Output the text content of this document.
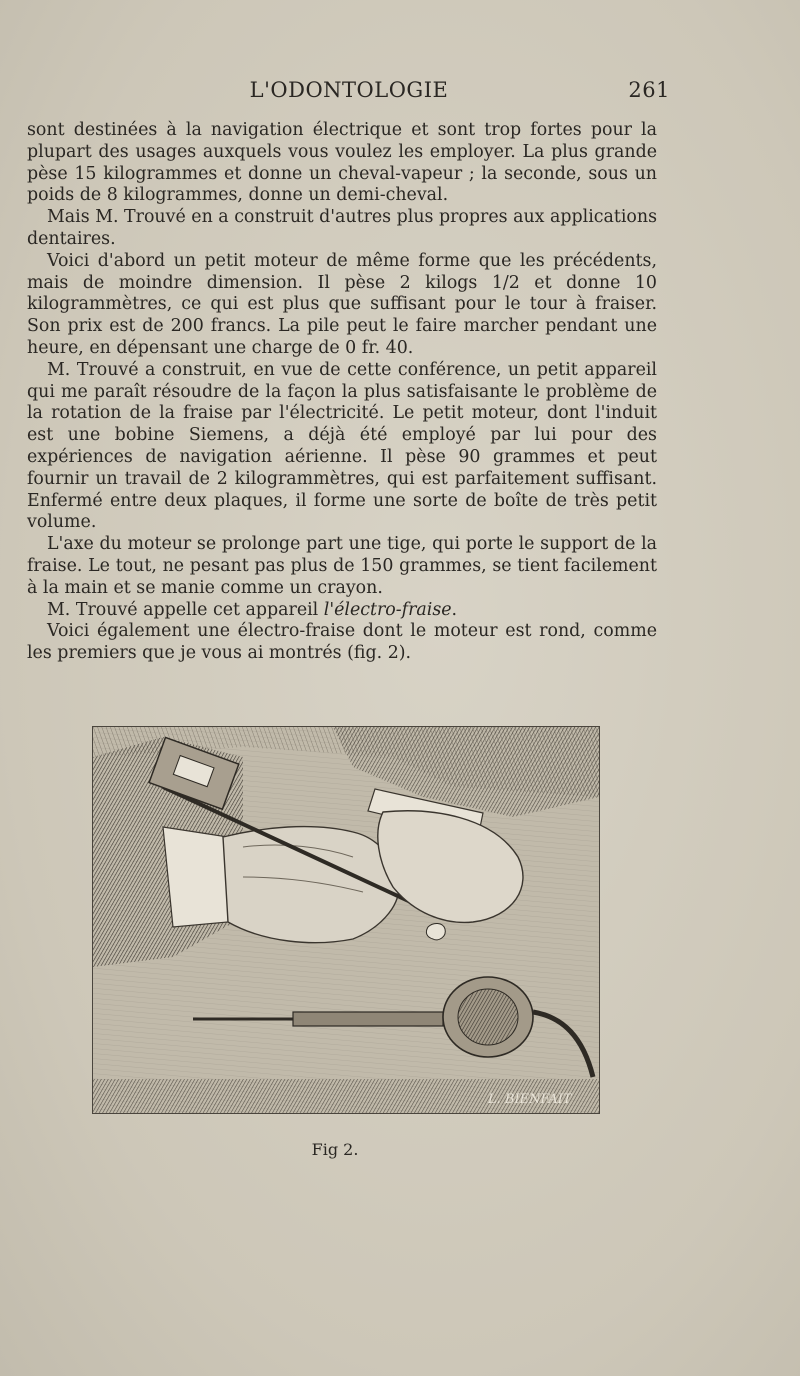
L'ODONTOLOGIE	261

sont destinées à la navigation électrique et sont trop fortes pour la plupart des usages auxquels vous voulez les employer. La plus grande pèse 15 kilogrammes et donne un cheval-vapeur ; la seconde, sous un poids de 8 kilogrammes, donne un demi-cheval.

Mais M. Trouvé en a construit d'autres plus propres aux applications dentaires.

Voici d'abord un petit moteur de même forme que les précédents, mais de moindre dimension. Il pèse 2 kilogs 1/2 et donne 10 kilogrammètres, ce qui est plus que suffisant pour le tour à fraiser. Son prix est de 200 francs. La pile peut le faire marcher pendant une heure, en dépensant une charge de 0 fr. 40.

M. Trouvé a construit, en vue de cette conférence, un petit appareil qui me paraît résoudre de la façon la plus satisfaisante le problème de la rotation de la fraise par l'électricité. Le petit moteur, dont l'induit est une bobine Siemens, a déjà été employé par lui pour des expériences de navigation aérienne. Il pèse 90 grammes et peut fournir un travail de 2 kilogrammètres, qui est parfaitement suffisant. Enfermé entre deux plaques, il forme une sorte de boîte de très petit volume.

L'axe du moteur se prolonge part une tige, qui porte le support de la fraise. Le tout, ne pesant pas plus de 150 grammes, se tient facilement à la main et se manie comme un crayon.

M. Trouvé appelle cet appareil l'électro-fraise.

Voici également une électro-fraise dont le moteur est rond, comme les premiers que je vous ai montrés (fig. 2).

L. BIENFAIT
Fig 2.
